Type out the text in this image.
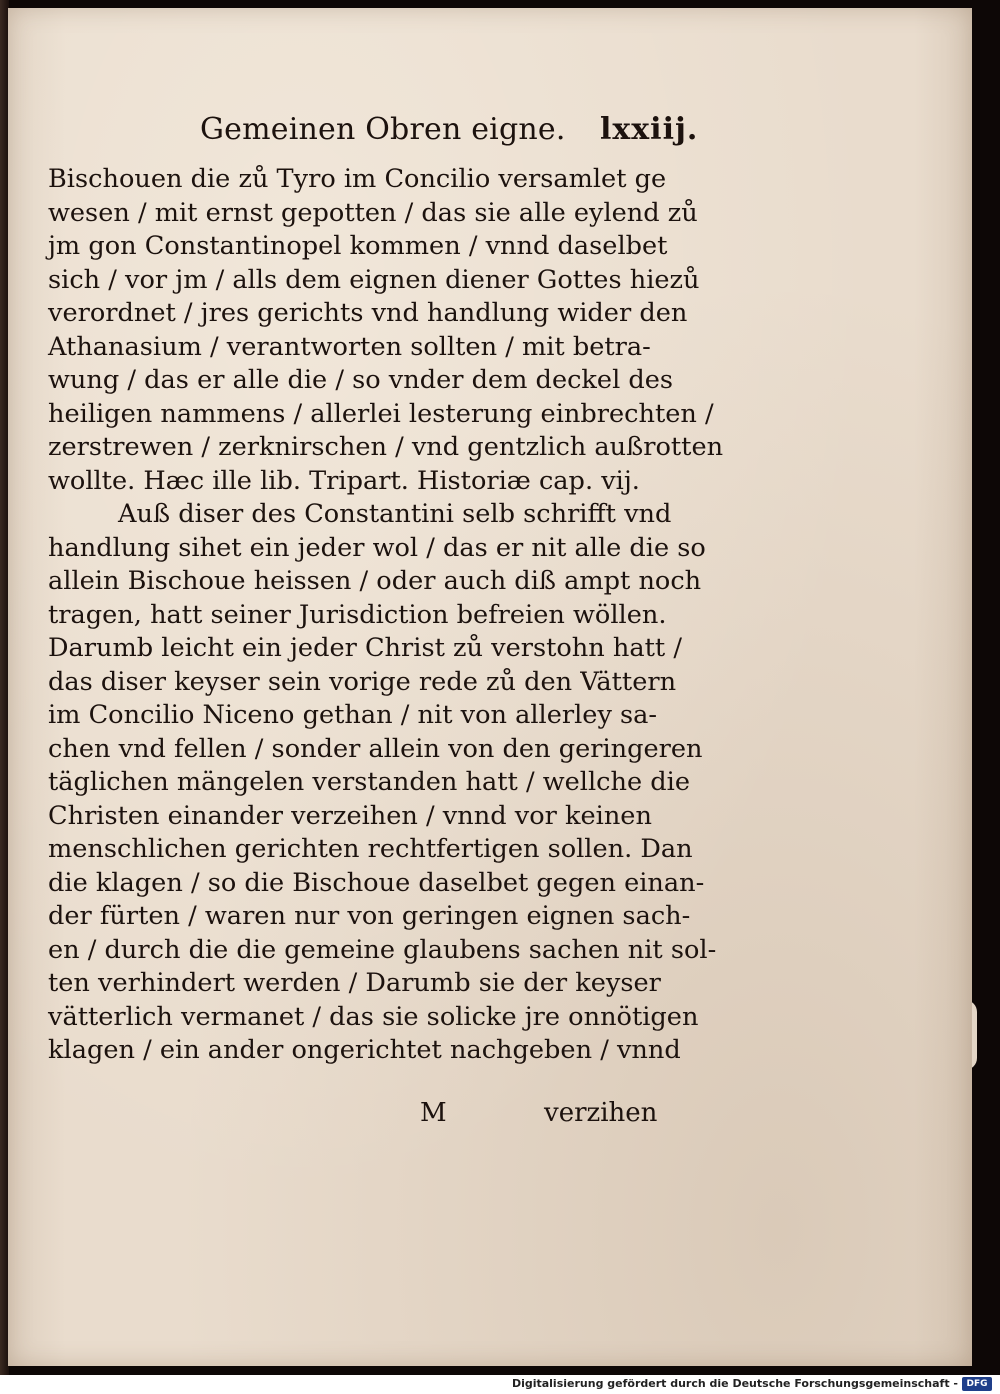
Gemeinen Obren eigne. lxxiij.
Bischouen die zů Tyro im Concilio versamlet ge
wesen / mit ernst gepotten / das sie alle eylend zů
jm gon Constantinopel kommen / vnnd daselbet
sich / vor jm / alls dem eignen diener Gottes hiezů
verordnet / jres gerichts vnd handlung wider den
Athanasium / verantworten sollten / mit betra-
wung / das er alle die / so vnder dem deckel des
heiligen nammens / allerlei lesterung einbrechten /
zerstrewen / zerknirschen / vnd gentzlich außrotten
wollte. Hæc ille lib. Tripart. Historiæ cap. vij.
Auß diser des Constantini selb schrifft vnd
handlung sihet ein jeder wol / das er nit alle die so
allein Bischoue heissen / oder auch diß ampt noch
tragen, hatt seiner Jurisdiction befreien wöllen.
Darumb leicht ein jeder Christ zů verstohn hatt /
das diser keyser sein vorige rede zů den Vättern
im Concilio Niceno gethan / nit von allerley sa-
chen vnd fellen / sonder allein von den geringeren
täglichen mängelen verstanden hatt / wellche die
Christen einander verzeihen / vnnd vor keinen
menschlichen gerichten rechtfertigen sollen. Dan
die klagen / so die Bischoue daselbet gegen einan-
der fürten / waren nur von geringen eignen sach-
en / durch die die gemeine glaubens sachen nit sol-
ten verhindert werden / Darumb sie der keyser
vätterlich vermanet / das sie solicke jre onnötigen
klagen / ein ander ongerichtet nachgeben / vnnd
M	verzihen
Digitalisierung gefördert durch die Deutsche Forschungsgemeinschaft - DFG
